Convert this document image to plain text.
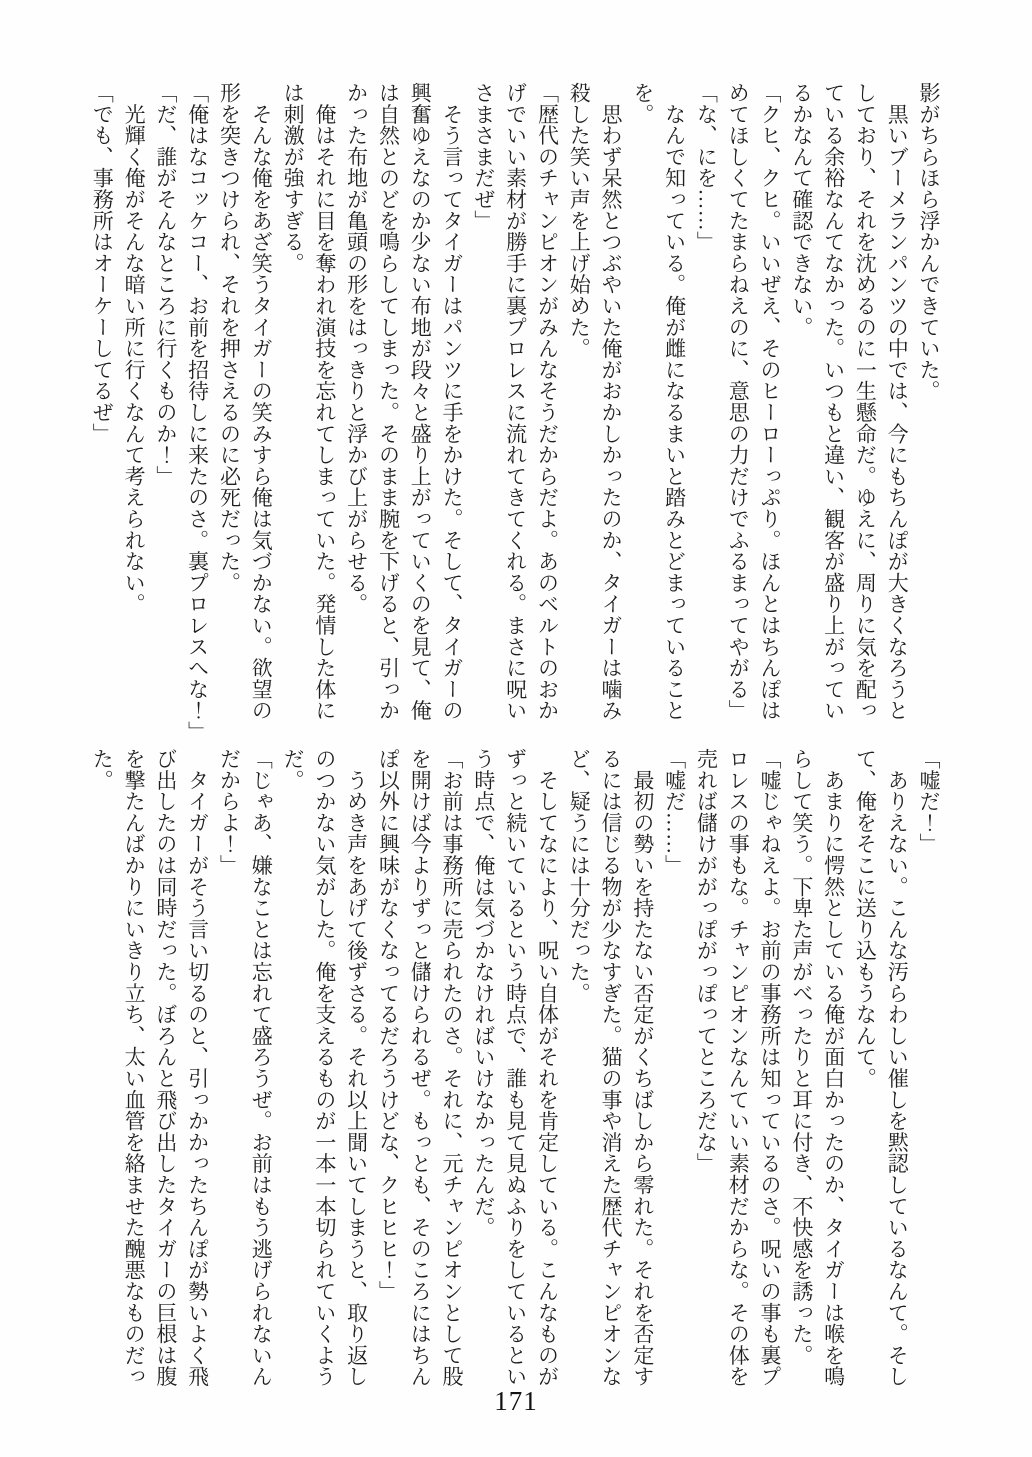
影がちらほら浮かんできていた。
　黒いブーメランパンツの中では、今にもちんぽが大きくなろうと
しており、それを沈めるのに一生懸命だ。ゆえに、周りに気を配っ
ている余裕なんてなかった。いつもと違い、観客が盛り上がってい
るかなんて確認できない。
「クヒ、クヒ。いいぜえ、そのヒーローっぷり。ほんとはちんぽは
めてほしくてたまらねえのに、意思の力だけでふるまってやがる」
「な、にを……」
　なんで知っている。俺が雌になるまいと踏みとどまっていること
を。
　思わず呆然とつぶやいた俺がおかしかったのか、タイガーは噛み
殺した笑い声を上げ始めた。
「歴代のチャンピオンがみんなそうだからだよ。あのベルトのおか
げでいい素材が勝手に裏プロレスに流れてきてくれる。まさに呪い
さまさまだぜ」
　そう言ってタイガーはパンツに手をかけた。そして、タイガーの
興奮ゆえなのか少ない布地が段々と盛り上がっていくのを見て、俺
は自然とのどを鳴らしてしまった。そのまま腕を下げると、引っか
かった布地が亀頭の形をはっきりと浮かび上がらせる。
　俺はそれに目を奪われ演技を忘れてしまっていた。発情した体に
は刺激が強すぎる。
　そんな俺をあざ笑うタイガーの笑みすら俺は気づかない。欲望の
形を突きつけられ、それを押さえるのに必死だった。
「俺はなコッケコー、お前を招待しに来たのさ。裏プロレスへな！」
「だ、誰がそんなところに行くものか！」
　光輝く俺がそんな暗い所に行くなんて考えられない。
「でも、事務所はオーケーしてるぜ」
「嘘だ！」
　ありえない。こんな汚らわしい催しを黙認しているなんて。そし
て、俺をそこに送り込もうなんて。
　あまりに愕然としている俺が面白かったのか、タイガーは喉を鳴
らして笑う。下卑た声がべったりと耳に付き、不快感を誘った。
「嘘じゃねえよ。お前の事務所は知っているのさ。呪いの事も裏プ
ロレスの事もな。チャンピオンなんていい素材だからな。その体を
売れば儲けががっぽがっぽってところだな」
「嘘だ……」
　最初の勢いを持たない否定がくちばしから零れた。それを否定す
るには信じる物が少なすぎた。猫の事や消えた歴代チャンピオンな
ど、疑うには十分だった。
　そしてなにより、呪い自体がそれを肯定している。こんなものが
ずっと続いているという時点で、誰も見て見ぬふりをしているとい
う時点で、俺は気づかなければいけなかったんだ。
「お前は事務所に売られたのさ。それに、元チャンピオンとして股
を開けば今よりずっと儲けられるぜ。もっとも、そのころにはちん
ぽ以外に興味がなくなってるだろうけどな、クヒヒヒ！」
　うめき声をあげて後ずさる。それ以上聞いてしまうと、取り返し
のつかない気がした。俺を支えるものが一本一本切られていくよう
だ。
「じゃあ、嫌なことは忘れて盛ろうぜ。お前はもう逃げられないん
だからよ！」
　タイガーがそう言い切るのと、引っかかったちんぽが勢いよく飛
び出したのは同時だった。ぼろんと飛び出したタイガーの巨根は腹
を撃たんばかりにいきり立ち、太い血管を絡ませた醜悪なものだっ
た。
171
